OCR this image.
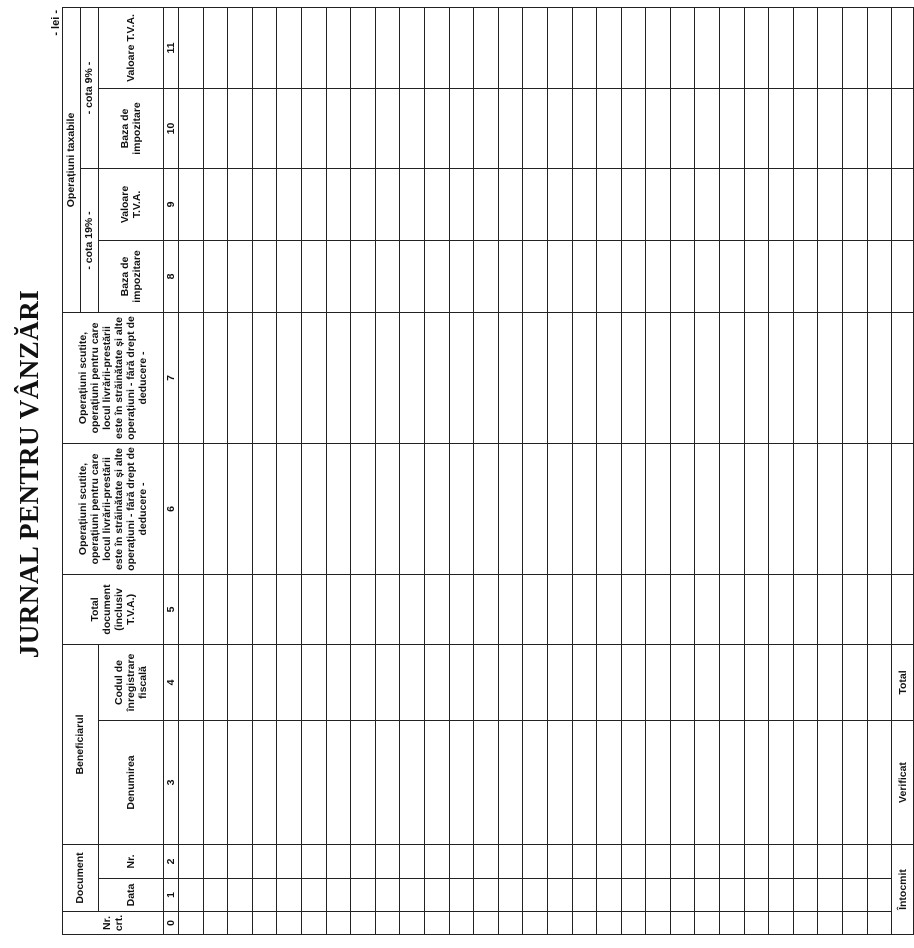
JURNAL PENTRU VÂNZĂRI
- lei -
Nr. crt.	Document		Beneficiarul		Total document (inclusiv T.V.A.)	Operațiuni scutite, operațiuni pentru care locul livrării-prestării este în străinătate și alte operațiuni - fără drept de deducere -	Operațiuni scutite, operațiuni pentru care locul livrării-prestării este în străinătate și alte operațiuni - fără drept de deducere -	Operațiuni taxabile			
								- cota 19% -		- cota 9% -	
	Data	Nr.	Denumirea	Codul de înregistrare fiscală				Baza de impozitare	Valoare T.V.A.	Baza de impozitare	Valoare T.V.A.
0	1	2	3	4	5	6	7	8	9	10	11

Întocmit			Verificat	Total							
